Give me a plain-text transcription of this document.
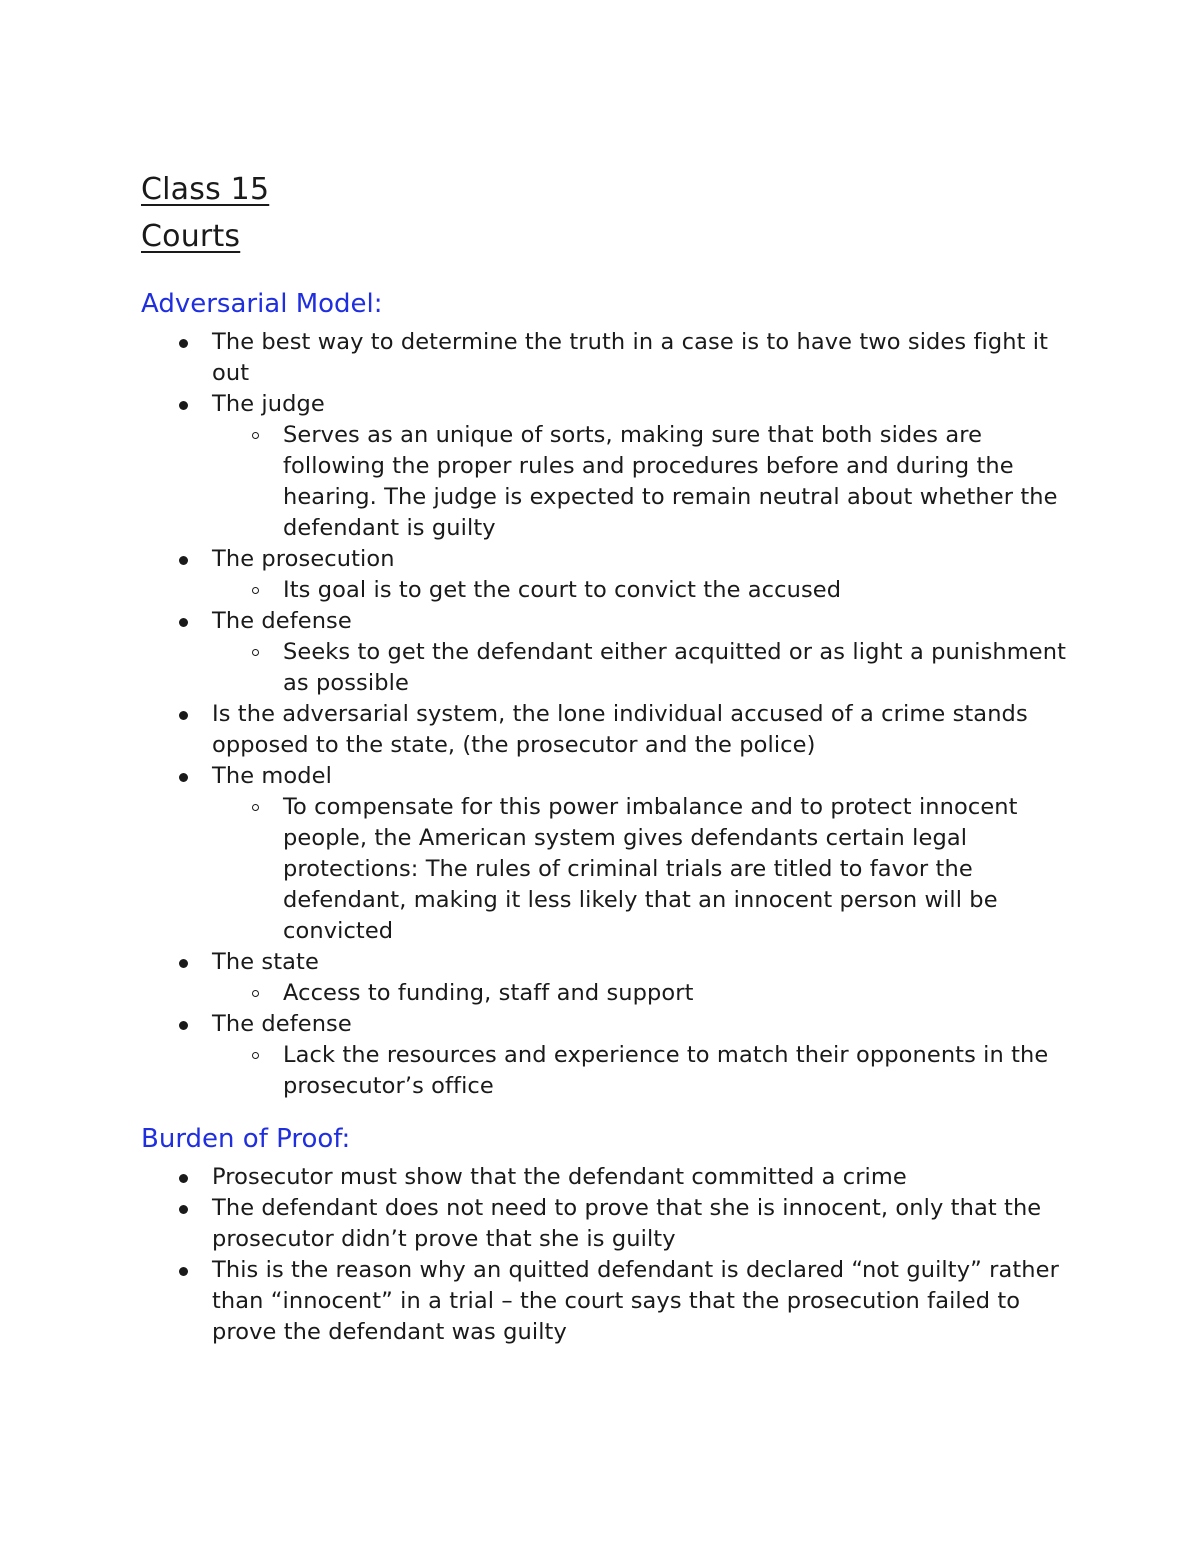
Class 15
Courts
Adversarial Model:
The best way to determine the truth in a case is to have two sides fight it out
The judge
Serves as an unique of sorts, making sure that both sides are following the proper rules and procedures before and during the hearing. The judge is expected to remain neutral about whether the defendant is guilty
The prosecution
Its goal is to get the court to convict the accused
The defense
Seeks to get the defendant either acquitted or as light a punishment as possible
Is the adversarial system, the lone individual accused of a crime stands opposed to the state, (the prosecutor and the police)
The model
To compensate for this power imbalance and to protect innocent people, the American system gives defendants certain legal protections: The rules of criminal trials are titled to favor the defendant, making it less likely that an innocent person will be convicted
The state
Access to funding, staff and support
The defense
Lack the resources and experience to match their opponents in the prosecutor’s office
Burden of Proof:
Prosecutor must show that the defendant committed a crime
The defendant does not need to prove that she is innocent, only that the prosecutor didn’t prove that she is guilty
This is the reason why an quitted defendant is declared “not guilty” rather than “innocent” in a trial – the court says that the prosecution failed to prove the defendant was guilty
